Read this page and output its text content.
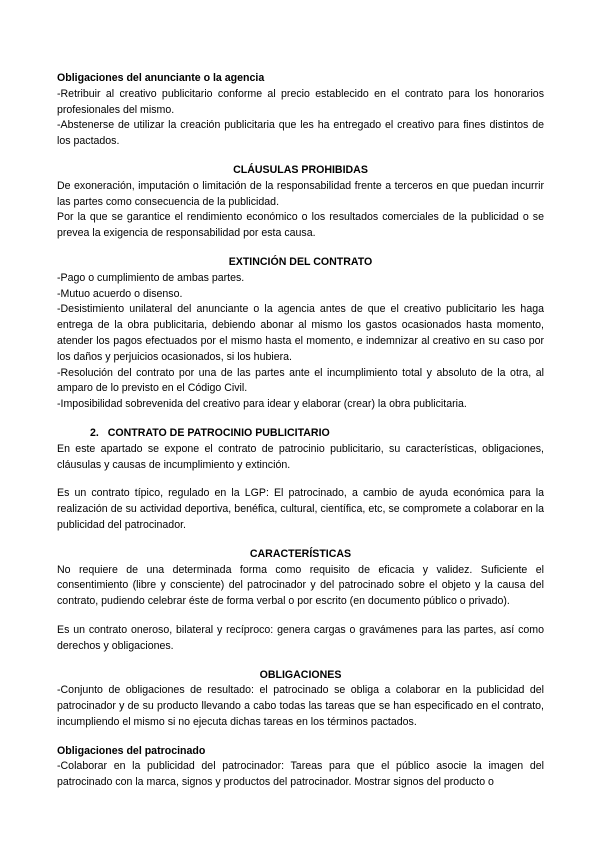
Obligaciones del anunciante o la agencia

-Retribuir al creativo publicitario conforme al precio establecido en el contrato para los honorarios profesionales del mismo.

-Abstenerse de utilizar la creación publicitaria que les ha entregado el creativo para fines distintos de los pactados.

CLÁUSULAS PROHIBIDAS

De exoneración, imputación o limitación de la responsabilidad frente a terceros en que puedan incurrir las partes como consecuencia de la publicidad.

Por la que se garantice el rendimiento económico o los resultados comerciales de la publicidad o se prevea la exigencia de responsabilidad por esta causa.

EXTINCIÓN DEL CONTRATO

-Pago o cumplimiento de ambas partes.

-Mutuo acuerdo o disenso.

-Desistimiento unilateral del anunciante o la agencia antes de que el creativo publicitario les haga entrega de la obra publicitaria, debiendo abonar al mismo los gastos ocasionados hasta momento, atender los pagos efectuados por el mismo hasta el momento, e indemnizar al creativo en su caso por los daños y perjuicios ocasionados, si los hubiera.

-Resolución del contrato por una de las partes ante el incumplimiento total y absoluto de la otra, al amparo de lo previsto en el Código Civil.

-Imposibilidad sobrevenida del creativo para idear y elaborar (crear) la obra publicitaria.

2. CONTRATO DE PATROCINIO PUBLICITARIO

En este apartado se expone el contrato de patrocinio publicitario, su características, obligaciones, cláusulas y causas de incumplimiento y extinción.

Es un contrato típico, regulado en la LGP: El patrocinado, a cambio de ayuda económica para la realización de su actividad deportiva, benéfica, cultural, científica, etc, se compromete a colaborar en la publicidad del patrocinador.

CARACTERÍSTICAS

No requiere de una determinada forma como requisito de eficacia y validez. Suficiente el consentimiento (libre y consciente) del patrocinador y del patrocinado sobre el objeto y la causa del contrato, pudiendo celebrar éste de forma verbal o por escrito (en documento público o privado).

Es un contrato oneroso, bilateral y recíproco: genera cargas o gravámenes para las partes, así como derechos y obligaciones.

OBLIGACIONES

-Conjunto de obligaciones de resultado: el patrocinado se obliga a colaborar en la publicidad del patrocinador y de su producto llevando a cabo todas las tareas que se han especificado en el contrato, incumpliendo el mismo si no ejecuta dichas tareas en los términos pactados.

Obligaciones del patrocinado

-Colaborar en la publicidad del patrocinador: Tareas para que el público asocie la imagen del patrocinado con la marca, signos y productos del patrocinador. Mostrar signos del producto o
